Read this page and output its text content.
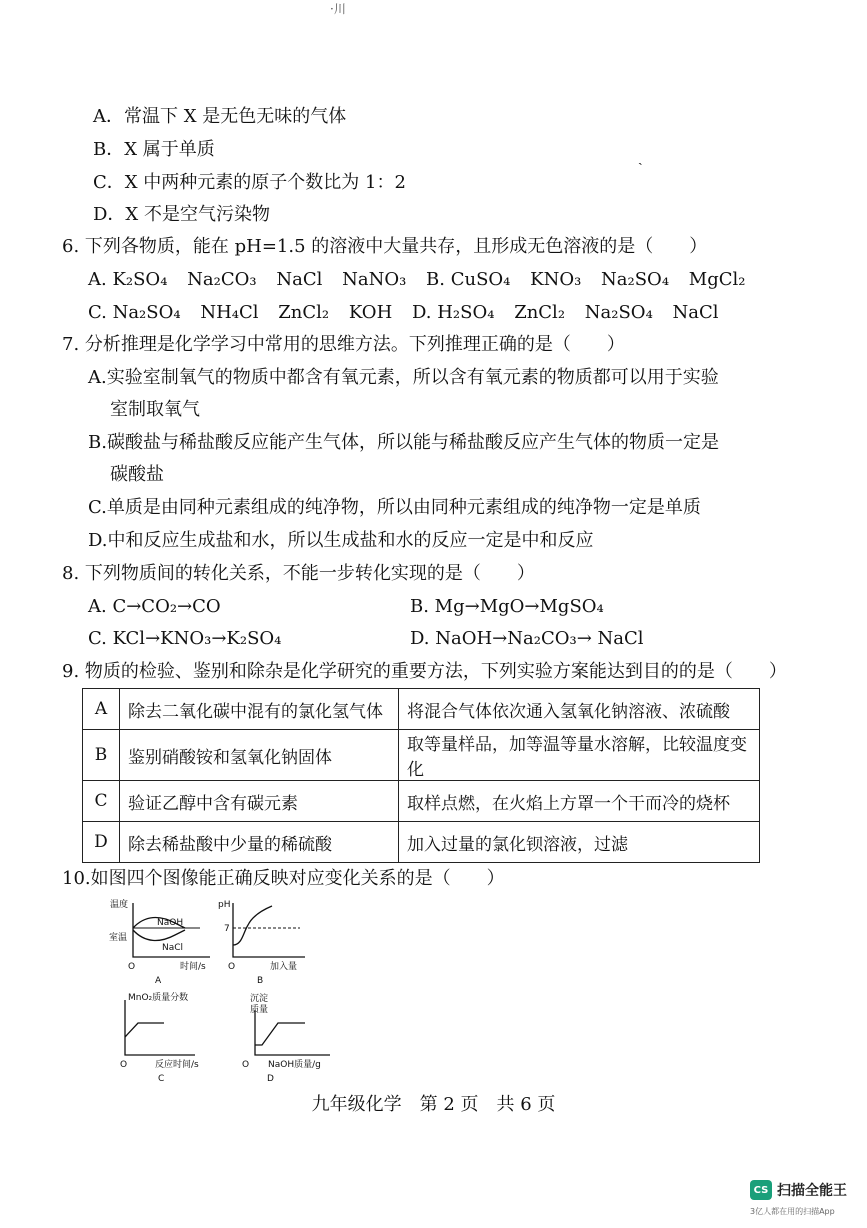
·川
A．常温下 X 是无色无味的气体
B．X 属于单质	ˏ
C．X 中两种元素的原子个数比为 1：2
D．X 不是空气污染物
6. 下列各物质，能在 pH=1.5 的溶液中大量共存，且形成无色溶液的是（　　）
A. K₂SO₄ Na₂CO₃ NaCl NaNO₃ B. CuSO₄ KNO₃ Na₂SO₄ MgCl₂
C. Na₂SO₄ NH₄Cl ZnCl₂ KOH D. H₂SO₄ ZnCl₂ Na₂SO₄ NaCl
7. 分析推理是化学学习中常用的思维方法。下列推理正确的是（　　）
A.实验室制氧气的物质中都含有氧元素，所以含有氧元素的物质都可以用于实验
室制取氧气
B.碳酸盐与稀盐酸反应能产生气体，所以能与稀盐酸反应产生气体的物质一定是
碳酸盐
C.单质是由同种元素组成的纯净物，所以由同种元素组成的纯净物一定是单质
D.中和反应生成盐和水，所以生成盐和水的反应一定是中和反应
8. 下列物质间的转化关系，不能一步转化实现的是（　　）
A. C→CO₂→CO	B. Mg→MgO→MgSO₄
C. KCl→KNO₃→K₂SO₄	D. NaOH→Na₂CO₃→ NaCl
9. 物质的检验、鉴别和除杂是化学研究的重要方法，下列实验方案能达到目的的是（　　）
A	除去二氧化碳中混有的氯化氢气体	将混合气体依次通入氢氧化钠溶液、浓硫酸
B	鉴别硝酸铵和氢氧化钠固体	取等量样品，加等温等量水溶解，比较温度变化
C	验证乙醇中含有碳元素	取样点燃，在火焰上方罩一个干而冷的烧杯
D	除去稀盐酸中少量的稀硫酸	加入过量的氯化钡溶液，过滤
10.如图四个图像能正确反映对应变化关系的是（　　）
温度
室温
NaOH
NaCl
O	时间/s
A
pH
7
O	加入量
B
MnO₂质量分数
O	反应时间/s
C
沉淀
质量
O NaOH质量/g
D
九年级化学　第 2 页　共 6 页
CS 扫描全能王
3亿人都在用的扫描App
